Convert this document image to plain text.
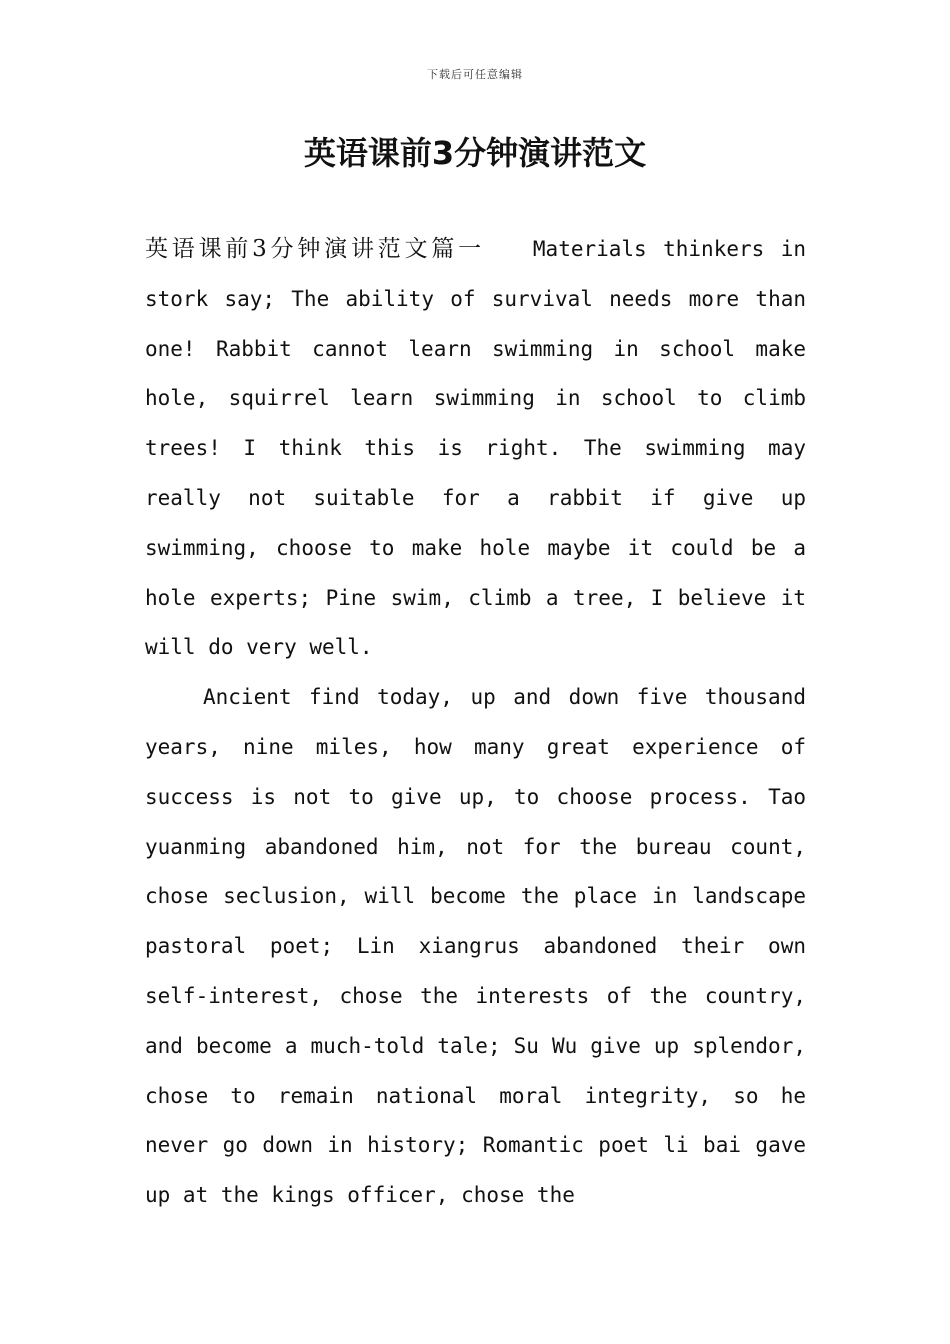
下载后可任意编辑
英语课前3分钟演讲范文

英语课前3分钟演讲范文篇一 Materials thinkers in stork say; The ability of survival needs more than one! Rabbit cannot learn swimming in school make hole, squirrel learn swimming in school to climb trees! I think this is right. The swimming may really not suitable for a rabbit if give up swimming, choose to make hole maybe it could be a hole experts; Pine swim, climb a tree, I believe it will do very well.

Ancient find today, up and down five thousand years, nine miles, how many great experience of success is not to give up, to choose process. Tao yuanming abandoned him, not for the bureau count, chose seclusion, will become the place in landscape pastoral poet; Lin xiangrus abandoned their own self-interest, chose the interests of the country, and become a much-told tale; Su Wu give up splendor, chose to remain national moral integrity, so he never go down in history; Romantic poet li bai gave up at the kings officer, chose the
